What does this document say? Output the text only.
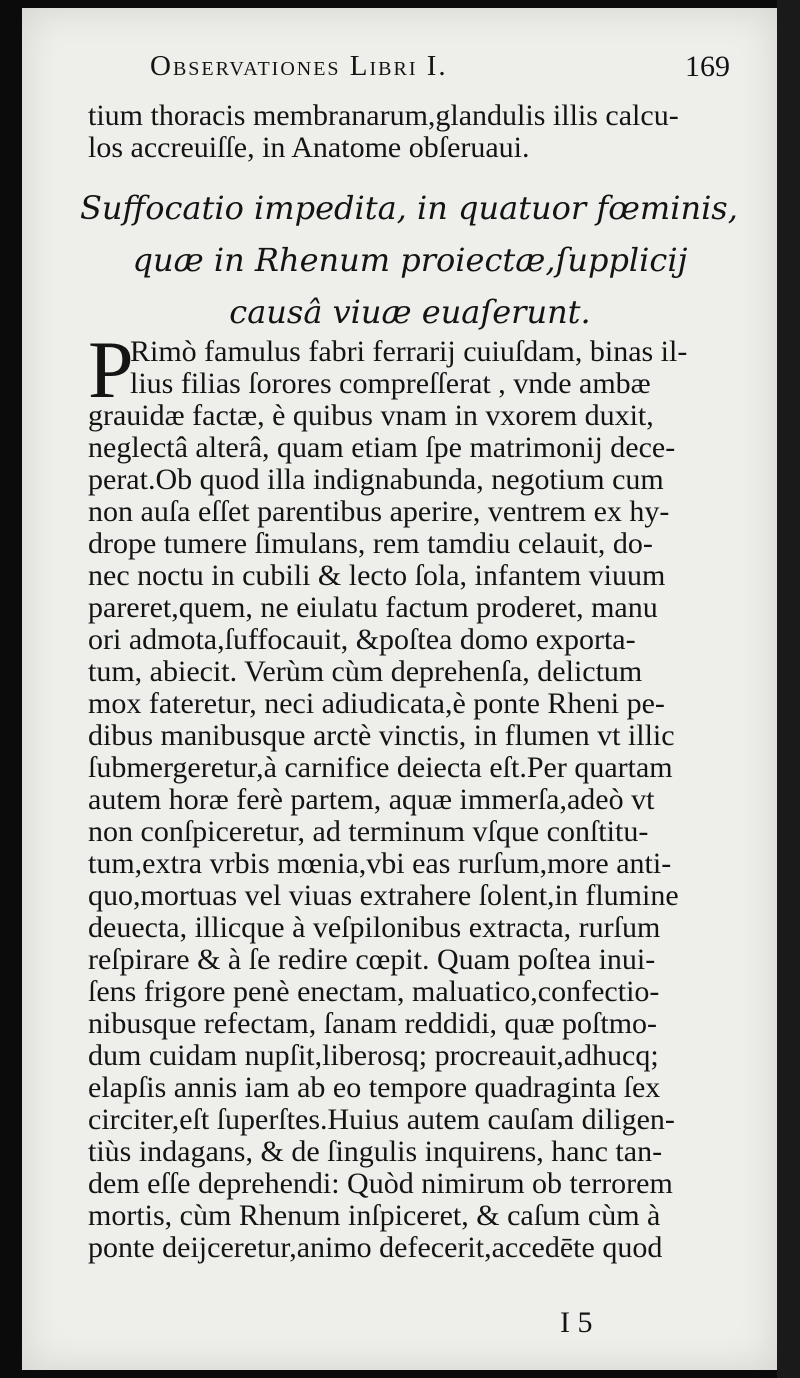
Observationes Libri I.	169
tium thoracis membranarum,glandulis illis calcu-
los accreuiſſe, in Anatome obſeruaui.
Suffocatio impedita, in quatuor fœminis,
quæ in Rhenum proiectæ,ſupplicij
causâ viuæ euaſerunt.
P
Rimò famulus fabri ferrarij cuiuſdam, binas il-
lius filias ſorores compreſſerat , vnde ambæ
grauidæ factæ, è quibus vnam in vxorem duxit,
neglectâ alterâ, quam etiam ſpe matrimonij dece-
perat.Ob quod illa indignabunda, negotium cum
non auſa eſſet parentibus aperire, ventrem ex hy-
drope tumere ſimulans, rem tamdiu celauit, do-
nec noctu in cubili & lecto ſola, infantem viuum
pareret,quem, ne eiulatu factum proderet, manu
ori admota,ſuffocauit, &poſtea domo exporta-
tum, abiecit. Verùm cùm deprehenſa, delictum
mox fateretur, neci adiudicata,è ponte Rheni pe-
dibus manibusque arctè vinctis, in flumen vt illic
ſubmergeretur,à carnifice deiecta eſt.Per quartam
autem horæ ferè partem, aquæ immerſa,adeò vt
non conſpiceretur, ad terminum vſque conſtitu-
tum,extra vrbis mœnia,vbi eas rurſum,more anti-
quo,mortuas vel viuas extrahere ſolent,in flumine
deuecta, illicque à veſpilonibus extracta, rurſum
reſpirare & à ſe redire cœpit. Quam poſtea inui-
ſens frigore penè enectam, maluatico,confectio-
nibusque refectam, ſanam reddidi, quæ poſtmo-
dum cuidam nupſit,liberosq; procreauit,adhucq;
elapſis annis iam ab eo tempore quadraginta ſex
circiter,eſt ſuperſtes.Huius autem cauſam diligen-
tiùs indagans, & de ſingulis inquirens, hanc tan-
dem eſſe deprehendi: Quòd nimirum ob terrorem
mortis, cùm Rhenum inſpiceret, & caſum cùm à
ponte deijceretur,animo defecerit,accedēte quod
I 5
